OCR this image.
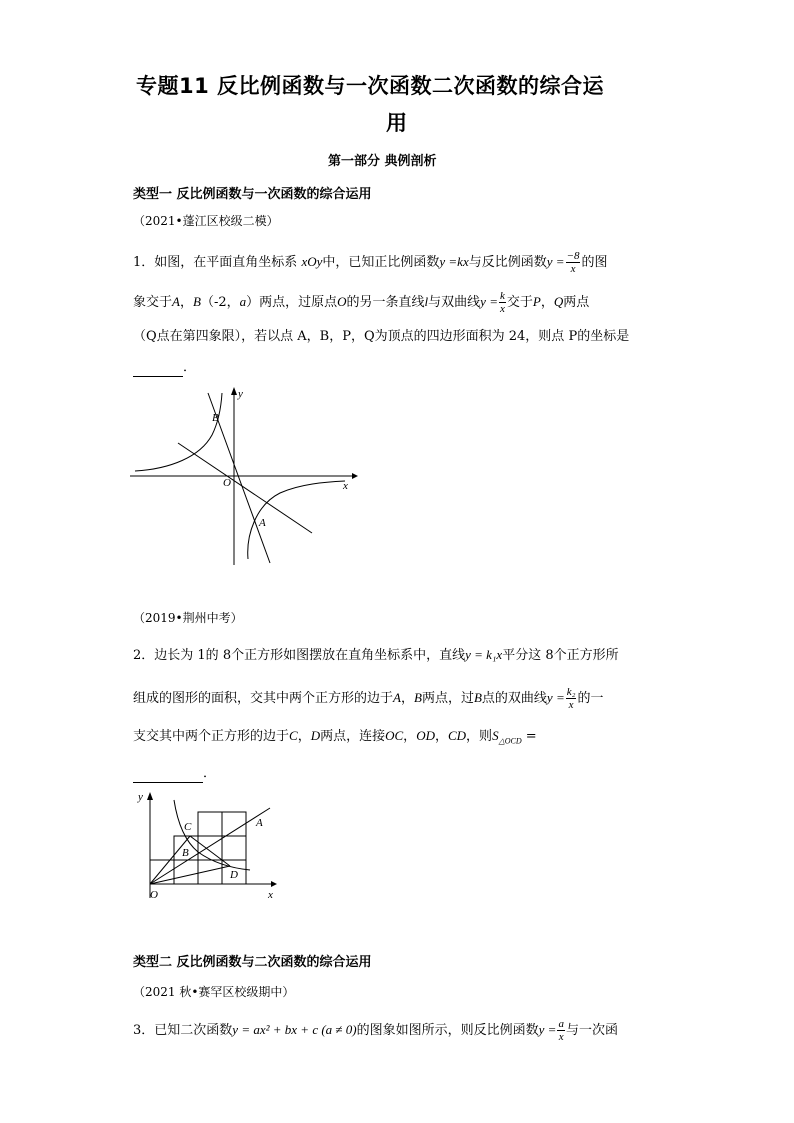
专题11 反比例函数与一次函数二次函数的综合运
用
第一部分 典例剖析
类型一 反比例函数与一次函数的综合运用
（2021•蓬江区校级二模）
1．如图，在平面直角坐标系 xOy中，已知正比例函数y =kx与反比例函数$y = \frac{-8}{x}$ 的图
象交于A，B（-2，a）两点，过原点O的另一条直线l与双曲线$y = \frac{k}{x}$ 交于P，Q两点
（Q点在第四象限），若以点 A，B，P，Q为顶点的四边形面积为 24，则点 P的坐标是
．
y
x
O
A
B
（2019•荆州中考）
2．边长为 1的 8个正方形如图摆放在直角坐标系中，直线y = k₁x平分这 8个正方形所
组成的图形的面积，交其中两个正方形的边于A，B两点，过B点的双曲线$y = \frac{\text{k₂}}{x}$ 的一
支交其中两个正方形的边于C，D两点，连接OC，OD，CD，则$S_{\triangle OCD}$ =
．
y
x
O
A
B
C
D
类型二 反比例函数与二次函数的综合运用
（2021 秋•赛罕区校级期中）
3．已知二次函数y = ax² + bx + c (a ≠ 0)的图象如图所示，则反比例函数$y = \frac{a}{x}$ 与一次函
